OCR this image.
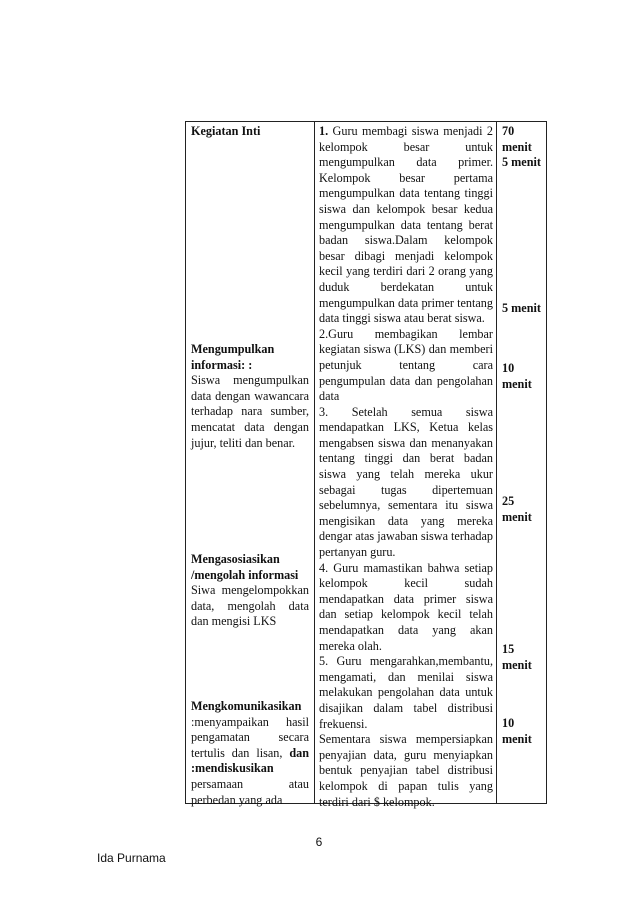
Kegiatan Inti
Mengumpulkan
informasi: :
Siswa mengumpulkan data dengan wawancara terhadap nara sumber, mencatat data dengan jujur, teliti dan benar.
Mengasosiasikan
/mengolah informasi
Siwa mengelompokkan data, mengolah data dan mengisi LKS
Mengkomunikasikan
:menyampaikan hasil pengamatan secara tertulis dan lisan, dan :mendiskusikan persamaan atau perbedan yang ada
1. Guru membagi siswa menjadi 2 kelompok besar untuk mengumpulkan data primer. Kelompok besar pertama mengumpulkan data tentang tinggi siswa dan kelompok besar kedua mengumpulkan data tentang berat badan siswa.Dalam kelompok besar dibagi menjadi kelompok kecil yang terdiri dari 2 orang yang duduk berdekatan untuk mengumpulkan data primer tentang data tinggi siswa atau berat siswa.
2.Guru membagikan lembar kegiatan siswa (LKS) dan memberi petunjuk tentang cara pengumpulan data dan pengolahan data
3. Setelah semua siswa mendapatkan LKS, Ketua kelas mengabsen siswa dan menanyakan tentang tinggi dan berat badan siswa yang telah mereka ukur sebagai tugas dipertemuan sebelumnya, sementara itu siswa mengisikan data yang mereka dengar atas jawaban siswa terhadap pertanyan guru.
4. Guru mamastikan bahwa setiap kelompok kecil sudah mendapatkan data primer siswa dan setiap kelompok kecil telah mendapatkan data yang akan mereka olah.
5. Guru mengarahkan,membantu, mengamati, dan menilai siswa melakukan pengolahan data untuk disajikan dalam tabel distribusi frekuensi.
Sementara siswa mempersiapkan penyajian data, guru menyiapkan bentuk penyajian tabel distribusi kelompok di papan tulis yang terdiri dari $ kelompok.
70
menit
5 menit
5 menit
10
menit
25
menit
15
menit
10
menit
6
Ida Purnama
